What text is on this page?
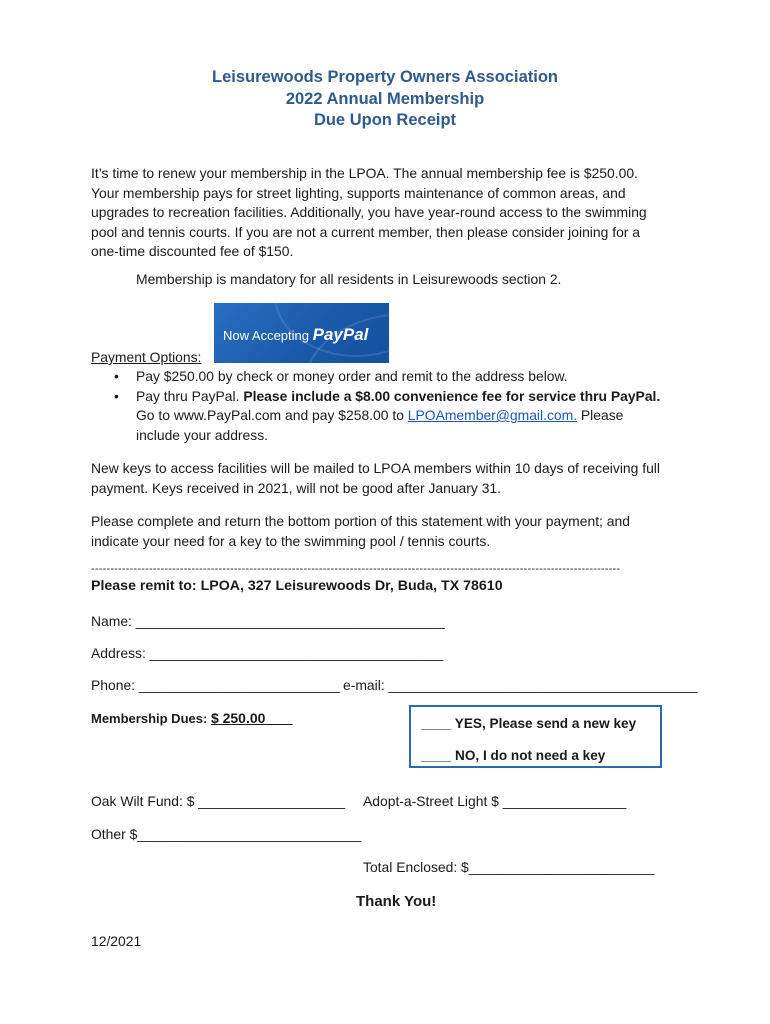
Leisurewoods Property Owners Association
2022 Annual Membership
Due Upon Receipt
It’s time to renew your membership in the LPOA. The annual membership fee is $250.00.
Your membership pays for street lighting, supports maintenance of common areas, and
upgrades to recreation facilities. Additionally, you have year-round access to the swimming
pool and tennis courts. If you are not a current member, then please consider joining for a
one-time discounted fee of $150.
Membership is mandatory for all residents in Leisurewoods section 2.
Now Accepting PayPal
Payment Options:
• Pay $250.00 by check or money order and remit to the address below.
• Pay thru PayPal. Please include a $8.00 convenience fee for service thru PayPal.
Go to www.PayPal.com and pay $258.00 to LPOAmember@gmail.com. Please
include your address.
New keys to access facilities will be mailed to LPOA members within 10 days of receiving full
payment. Keys received in 2021, will not be good after January 31.
Please complete and return the bottom portion of this statement with your payment; and
indicate your need for a key to the swimming pool / tennis courts.
-----------------------------------------------------------------------------------------------------------------------------------------
Please remit to: LPOA, 327 Leisurewoods Dr, Buda, TX 78610
Name: ________________________________________
Address: ______________________________________
Phone: __________________________ e-mail: ________________________________________
Membership Dues: $ 250.00	____ YES, Please send a new key
____ NO, I do not need a key
Oak Wilt Fund: $ ___________________ Adopt-a-Street Light $ ________________
Other $_____________________________
Total Enclosed: $________________________
Thank You!
12/2021
